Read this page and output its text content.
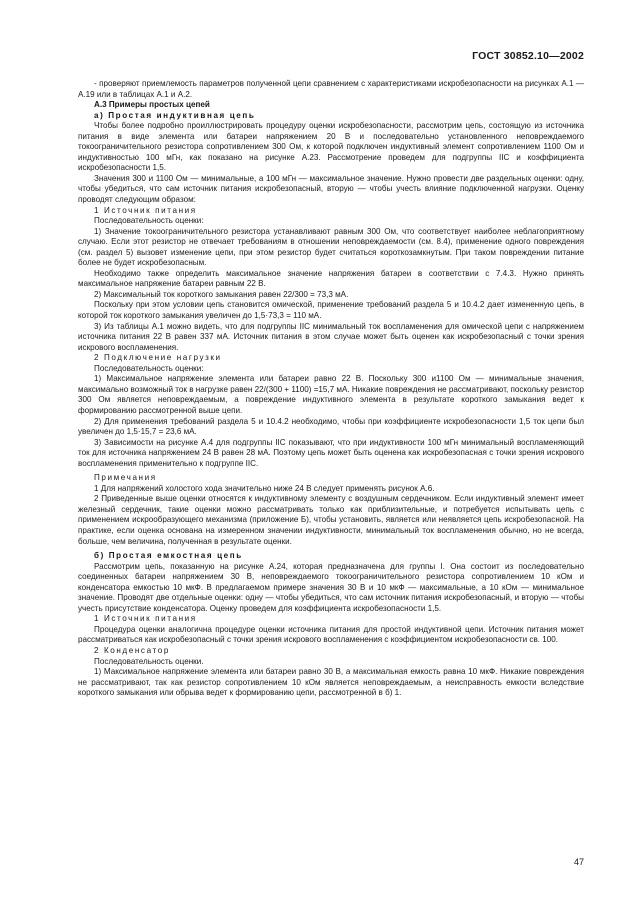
ГОСТ 30852.10—2002

- проверяют приемлемость параметров полученной цепи сравнением с характеристиками искробезопасности на рисунках А.1 — А.19 или в таблицах А.1 и А.2.

А.3 Примеры простых цепей

а) Простая индуктивная цепь

Чтобы более подробно проиллюстрировать процедуру оценки искробезопасности, рассмотрим цепь, состоящую из источника питания в виде элемента или батареи напряжением 20 В и последовательно установленного неповреждаемого токоограничительного резистора сопротивлением 300 Ом, к которой подключен индуктивный элемент сопротивлением 1100 Ом и индуктивностью 100 мГн, как показано на рисунке А.23. Рассмотрение проведем для подгруппы IIC и коэффициента искробезопасности 1,5.

Значения 300 и 1100 Ом — минимальные, а 100 мГн — максимальное значение. Нужно провести две раздельных оценки: одну, чтобы убедиться, что сам источник питания искробезопасный, вторую — чтобы учесть влияние подключенной нагрузки. Оценку проводят следующим образом:

1 Источник питания

Последовательность оценки:

1) Значение токоограничительного резистора устанавливают равным 300 Ом, что соответствует наиболее неблагоприятному случаю. Если этот резистор не отвечает требованиям в отношении неповреждаемости (см. 8.4), применение одного повреждения (см. раздел 5) вызовет изменение цепи, при этом резистор будет считаться короткозамкнутым. При таком повреждении питание более не будет искробезопасным.

Необходимо также определить максимальное значение напряжения батареи в соответствии с 7.4.3. Нужно принять максимальное напряжение батареи равным 22 В.

2) Максимальный ток короткого замыкания равен 22/300 = 73,3 мА.

Поскольку при этом условии цепь становится омической, применение требований раздела 5 и 10.4.2 дает измененную цепь, в которой ток короткого замыкания увеличен до 1,5·73,3 = 110 мА.

3) Из таблицы А.1 можно видеть, что для подгруппы IIC минимальный ток воспламенения для омической цепи с напряжением источника питания 22 В равен 337 мА. Источник питания в этом случае может быть оценен как искробезопасный с точки зрения искрового воспламенения.

2 Подключение нагрузки

Последовательность оценки:

1) Максимальное напряжение элемента или батареи равно 22 В. Поскольку 300 и1100 Ом — минимальные значения, максимально возможный ток в нагрузке равен 22/(300 + 1100) =15,7 мА. Никакие повреждения не рассматривают, поскольку резистор 300 Ом является неповреждаемым, а повреждение индуктивного элемента в результате короткого замыкания ведет к формированию рассмотренной выше цепи.

2) Для применения требований раздела 5 и 10.4.2 необходимо, чтобы при коэффициенте искробезопасности 1,5 ток цепи был увеличен до 1,5·15,7 = 23,6 мА.

3) Зависимости на рисунке А.4 для подгруппы IIC показывают, что при индуктивности 100 мГн минимальный воспламеняющий ток для источника напряжением 24 В равен 28 мА. Поэтому цепь может быть оценена как искробезопасная с точки зрения искрового воспламенения применительно к подгруппе IIC.

Примечания

1 Для напряжений холостого хода значительно ниже 24 В следует применять рисунок А.6.

2 Приведенные выше оценки относятся к индуктивному элементу с воздушным сердечником. Если индуктивный элемент имеет железный сердечник, такие оценки можно рассматривать только как приблизительные, и потребуется испытывать цепь с применением искрообразующего механизма (приложение Б), чтобы установить, является или неявляется цепь искробезопасной. На практике, если оценка основана на измеренном значении индуктивности, минимальный ток воспламенения обычно, но не всегда, больше, чем величина, полученная в результате оценки.

б) Простая емкостная цепь

Рассмотрим цепь, показанную на рисунке А.24, которая предназначена для группы I. Она состоит из последовательно соединенных батареи напряжением 30 В, неповреждаемого токоограничительного резистора сопротивлением 10 кОм и конденсатора емкостью 10 мкФ. В предлагаемом примере значения 30 В и 10 мкФ — максимальные, а 10 кОм — минимальное значение. Проводят две отдельные оценки: одну — чтобы убедиться, что сам источник питания искробезопасный, и вторую — чтобы учесть присутствие конденсатора. Оценку проведем для коэффициента искробезопасности 1,5.

1 Источник питания

Процедура оценки аналогична процедуре оценки источника питания для простой индуктивной цепи. Источник питания может рассматриваться как искробезопасный с точки зрения искрового воспламенения с коэффициентом искробезопасности св. 100.

2 Конденсатор

Последовательность оценки.

1) Максимальное напряжение элемента или батареи равно 30 В, а максимальная емкость равна 10 мкФ. Никакие повреждения не рассматривают, так как резистор сопротивлением 10 кОм является неповреждаемым, а неисправность емкости вследствие короткого замыкания или обрыва ведет к формированию цепи, рассмотренной в б) 1.

47
